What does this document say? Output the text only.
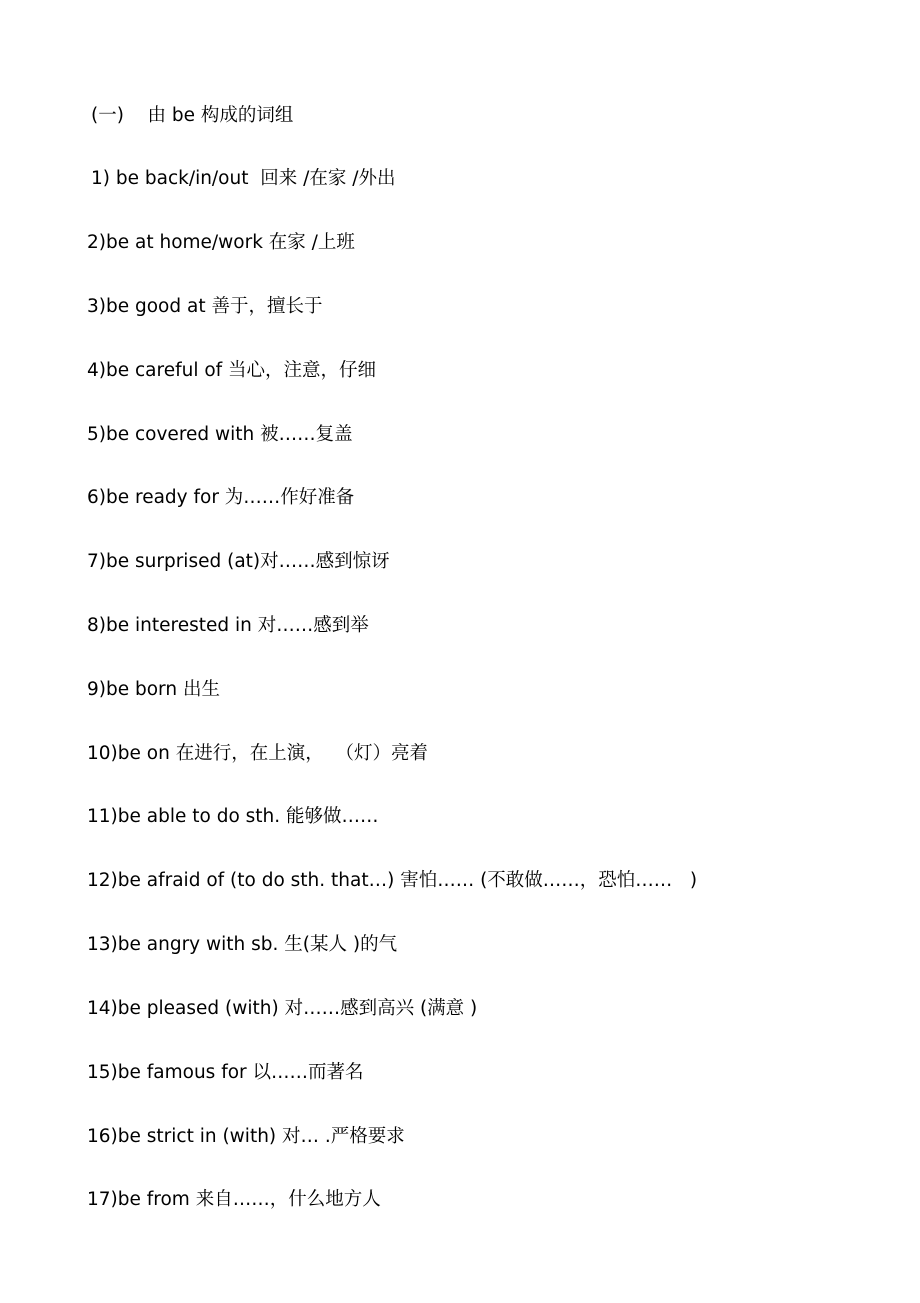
(一)    由 be 构成的词组
1) be back/in/out  回来 /在家 /外出
2)be at home/work 在家 /上班
3)be good at 善于，擅长于
4)be careful of 当心，注意，仔细
5)be covered with 被……复盖
6)be ready for 为……作好准备
7)be surprised (at)对……感到惊讶
8)be interested in 对……感到举
9)be born 出生
10)be on 在进行，在上演，  （灯）亮着
11)be able to do sth. 能够做……
12)be afraid of (to do sth. that…) 害怕…… (不敢做……，恐怕……   )
13)be angry with sb. 生(某人 )的气
14)be pleased (with) 对……感到高兴 (满意 )
15)be famous for 以……而著名
16)be strict in (with) 对… .严格要求
17)be from 来自……，什么地方人
